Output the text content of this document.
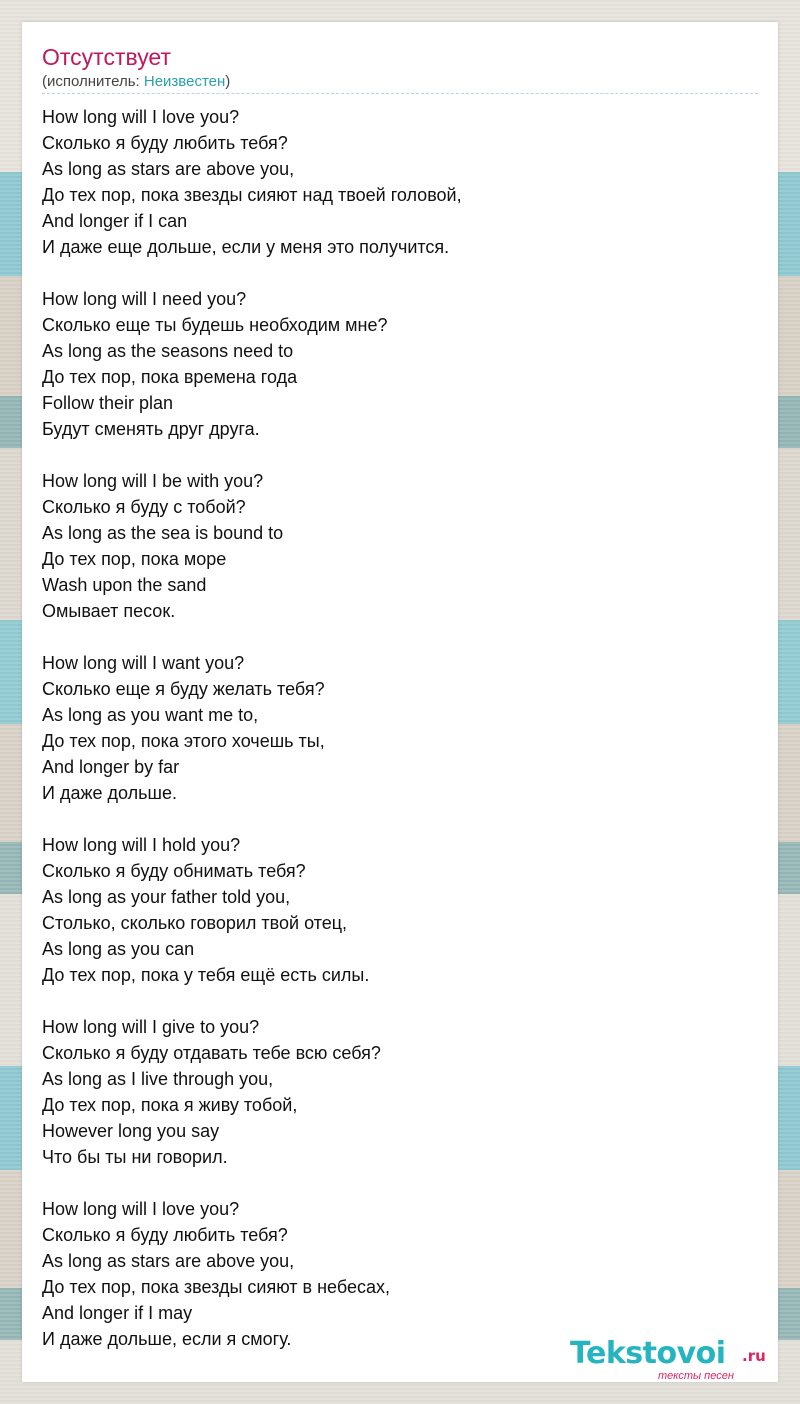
Отсутствует
(исполнитель: Неизвестен)
How long will I love you?
Сколько я буду любить тебя?
As long as stars are above you,
До тех пор, пока звезды сияют над твоей головой,
And longer if I can
И даже еще дольше, если у меня это получится.
How long will I need you?
Сколько еще ты будешь необходим мне?
As long as the seasons need to
До тех пор, пока времена года
Follow their plan
Будут сменять друг друга.
How long will I be with you?
Сколько я буду с тобой?
As long as the sea is bound to
До тех пор, пока море
Wash upon the sand
Омывает песок.
How long will I want you?
Сколько еще я буду желать тебя?
As long as you want me to,
До тех пор, пока этого хочешь ты,
And longer by far
И даже дольше.
How long will I hold you?
Сколько я буду обнимать тебя?
As long as your father told you,
Столько, сколько говорил твой отец,
As long as you can
До тех пор, пока у тебя ещё есть силы.
How long will I give to you?
Сколько я буду отдавать тебе всю себя?
As long as I live through you,
До тех пор, пока я живу тобой,
However long you say
Что бы ты ни говорил.
How long will I love you?
Сколько я буду любить тебя?
As long as stars are above you,
До тех пор, пока звезды сияют в небесах,
And longer if I may
И даже дольше, если я смогу.	Tekstovoi .ru
тексты песен
